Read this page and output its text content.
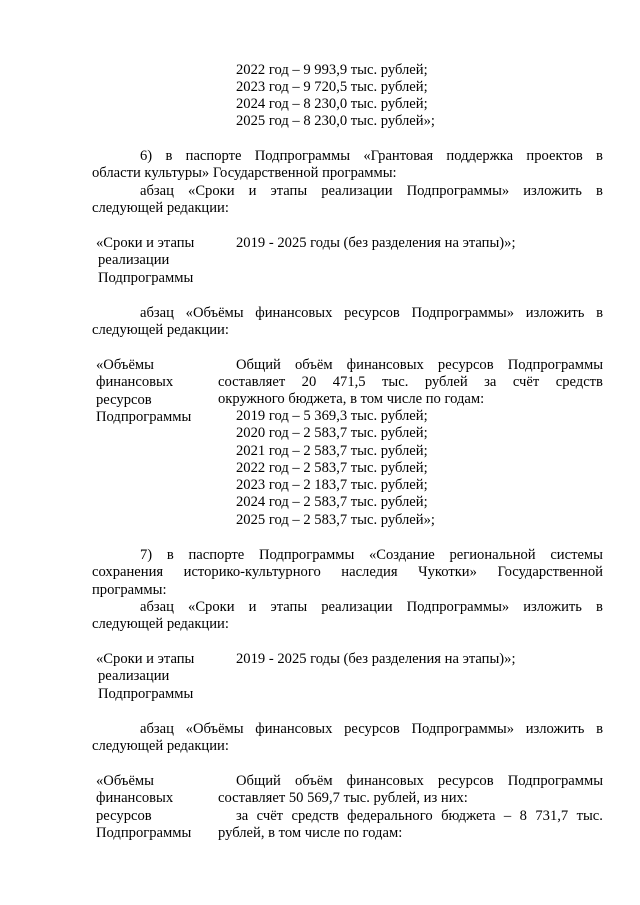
2022 год – 9 993,9 тыс. рублей;
2023 год – 9 720,5 тыс. рублей;
2024 год – 8 230,0 тыс. рублей;
2025 год – 8 230,0 тыс. рублей»;
6) в паспорте Подпрограммы «Грантовая поддержка проектов в
области культуры» Государственной программы:
абзац «Сроки и этапы реализации Подпрограммы» изложить в
следующей редакции:
«Сроки и этапы
реализации
Подпрограммы
2019 - 2025 годы (без разделения на этапы)»;
абзац «Объёмы финансовых ресурсов Подпрограммы» изложить в
следующей редакции:
«Объёмы
финансовых
ресурсов
Подпрограммы
Общий объём финансовых ресурсов Подпрограммы
составляет 20 471,5 тыс. рублей за счёт средств
окружного бюджета, в том числе по годам:
2019 год – 5 369,3 тыс. рублей;
2020 год – 2 583,7 тыс. рублей;
2021 год – 2 583,7 тыс. рублей;
2022 год – 2 583,7 тыс. рублей;
2023 год – 2 183,7 тыс. рублей;
2024 год – 2 583,7 тыс. рублей;
2025 год – 2 583,7 тыс. рублей»;
7) в паспорте Подпрограммы «Создание региональной системы
сохранения историко-культурного наследия Чукотки» Государственной
программы:
абзац «Сроки и этапы реализации Подпрограммы» изложить в
следующей редакции:
«Сроки и этапы
реализации
Подпрограммы
2019 - 2025 годы (без разделения на этапы)»;
абзац «Объёмы финансовых ресурсов Подпрограммы» изложить в
следующей редакции:
«Объёмы
финансовых
ресурсов
Подпрограммы
Общий объём финансовых ресурсов Подпрограммы
составляет 50 569,7 тыс. рублей, из них:
за счёт средств федерального бюджета – 8 731,7 тыс.
рублей, в том числе по годам:
